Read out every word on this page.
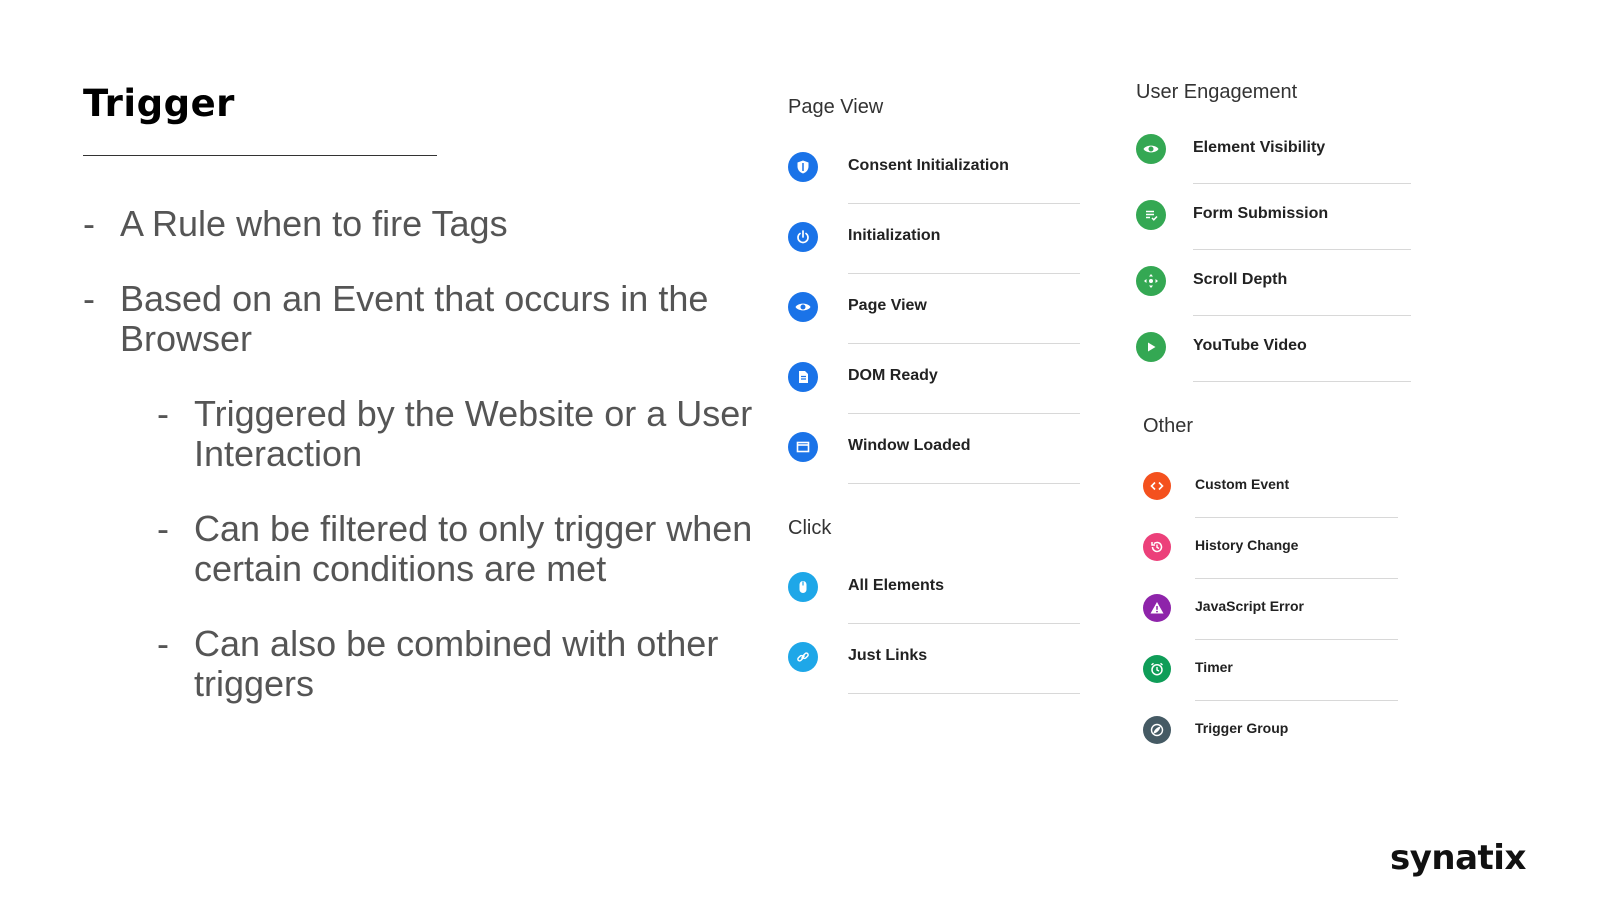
Trigger
- A Rule when to fire Tags
- Based on an Event that occurs in the Browser
- Triggered by the Website or a User Interaction
- Can be filtered to only trigger when certain conditions are met
- Can also be combined with other triggers
Page View
Consent Initialization
Initialization
Page View
DOM Ready
Window Loaded
Click
All Elements
Just Links
User Engagement
Element Visibility
Form Submission
Scroll Depth
YouTube Video
Other
Custom Event
History Change
JavaScript Error
Timer
Trigger Group
synatix
